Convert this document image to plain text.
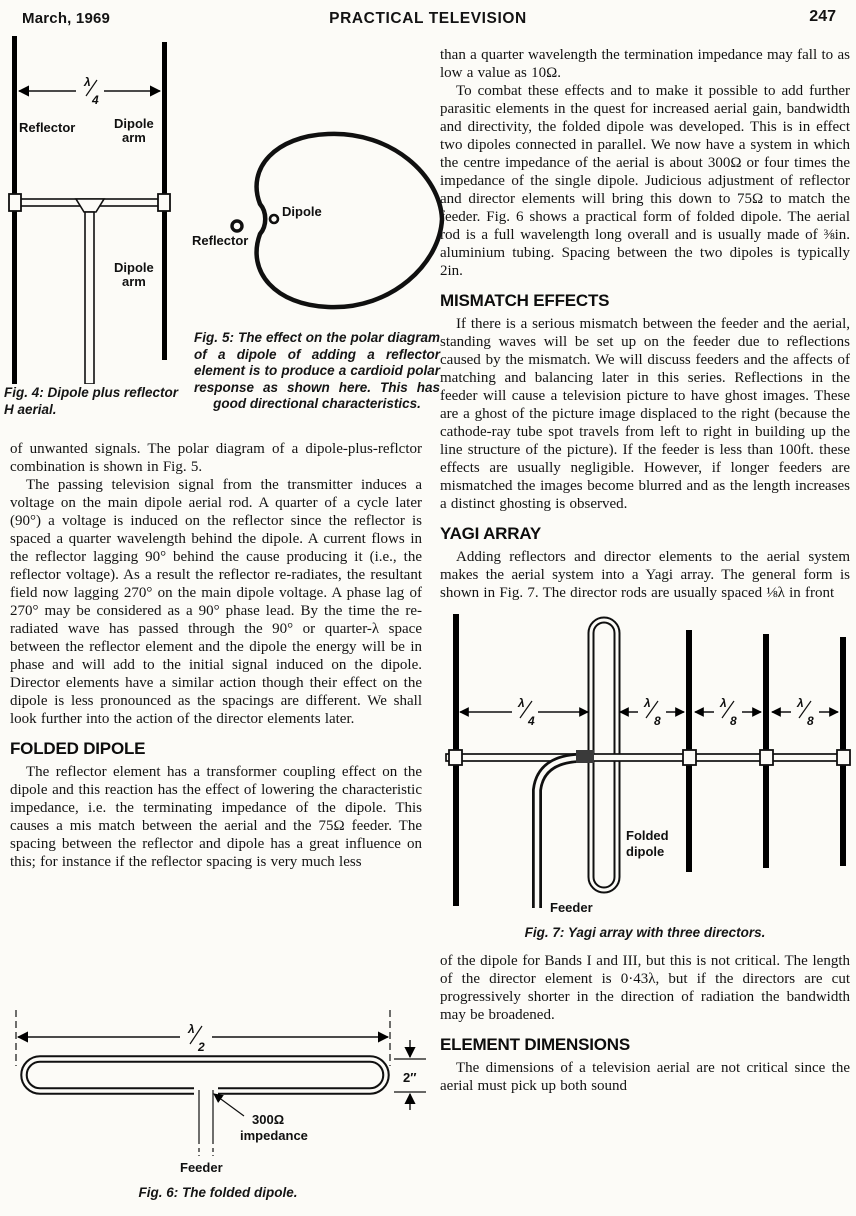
March, 1969	PRACTICAL TELEVISION	247
λ
4
Reflector	Dipole
arm
Dipole
arm
Fig. 4: Dipole plus reflector H aerial.
Reflector
Dipole
Fig. 5: The effect on the polar diagram of a dipole of adding a reflector element is to produce a cardioid polar response as shown here. This has good directional characteristics.

of unwanted signals. The polar diagram of a dipole-plus-reflctor combination is shown in Fig. 5.

The passing television signal from the transmitter induces a voltage on the main dipole aerial rod. A quarter of a cycle later (90°) a voltage is induced on the reflector since the reflector is spaced a quarter wavelength behind the dipole. A current flows in the reflector lagging 90° behind the cause producing it (i.e., the reflector voltage). As a result the reflector re-radiates, the resultant field now lagging 270° on the main dipole voltage. A phase lag of 270° may be considered as a 90° phase lead. By the time the re-radiated wave has passed through the 90° or quarter-λ space between the reflector element and the dipole the energy will be in phase and will add to the initial signal induced on the dipole. Director elements have a similar action though their effect on the dipole is less pronounced as the spacings are different. We shall look further into the action of the director elements later.

FOLDED DIPOLE

The reflector element has a transformer coupling effect on the dipole and this reaction has the effect of lowering the characteristic impedance, i.e. the terminating impedance of the dipole. This causes a mis match between the aerial and the 75Ω feeder. The spacing between the reflector and dipole has a great influence on this; for instance if the reflector spacing is very much less

λ
2
2″
300Ω
impedance
Feeder
Fig. 6: The folded dipole.

than a quarter wavelength the termination impedance may fall to as low a value as 10Ω.

To combat these effects and to make it possible to add further parasitic elements in the quest for increased aerial gain, bandwidth and directivity, the folded dipole was developed. This is in effect two dipoles connected in parallel. We now have a system in which the centre impedance of the aerial is about 300Ω or four times the impedance of the single dipole. Judicious adjustment of reflector and director elements will bring this down to 75Ω to match the feeder. Fig. 6 shows a practical form of folded dipole. The aerial rod is a full wavelength long overall and is usually made of ⅜in. aluminium tubing. Spacing between the two dipoles is typically 2in.

MISMATCH EFFECTS

If there is a serious mismatch between the feeder and the aerial, standing waves will be set up on the feeder due to reflections caused by the mismatch. We will discuss feeders and the affects of matching and balancing later in this series. Reflections in the feeder will cause a television picture to have ghost images. These are a ghost of the picture image displaced to the right (because the cathode-ray tube spot travels from left to right in building up the line structure of the picture). If the feeder is less than 100ft. these effects are usually negligible. However, if longer feeders are mismatched the images become blurred and as the length increases a distinct ghosting is observed.

YAGI ARRAY

Adding reflectors and director elements to the aerial system makes the aerial system into a Yagi array. The general form is shown in Fig. 7. The director rods are usually spaced ⅛λ in front

λ
4
λ
8
λ
8
λ
8
Folded
dipole
Feeder
Fig. 7: Yagi array with three directors.

of the dipole for Bands I and III, but this is not critical. The length of the director element is 0·43λ, but if the directors are cut progressively shorter in the direction of radiation the bandwidth may be broadened.

ELEMENT DIMENSIONS

The dimensions of a television aerial are not critical since the aerial must pick up both sound
